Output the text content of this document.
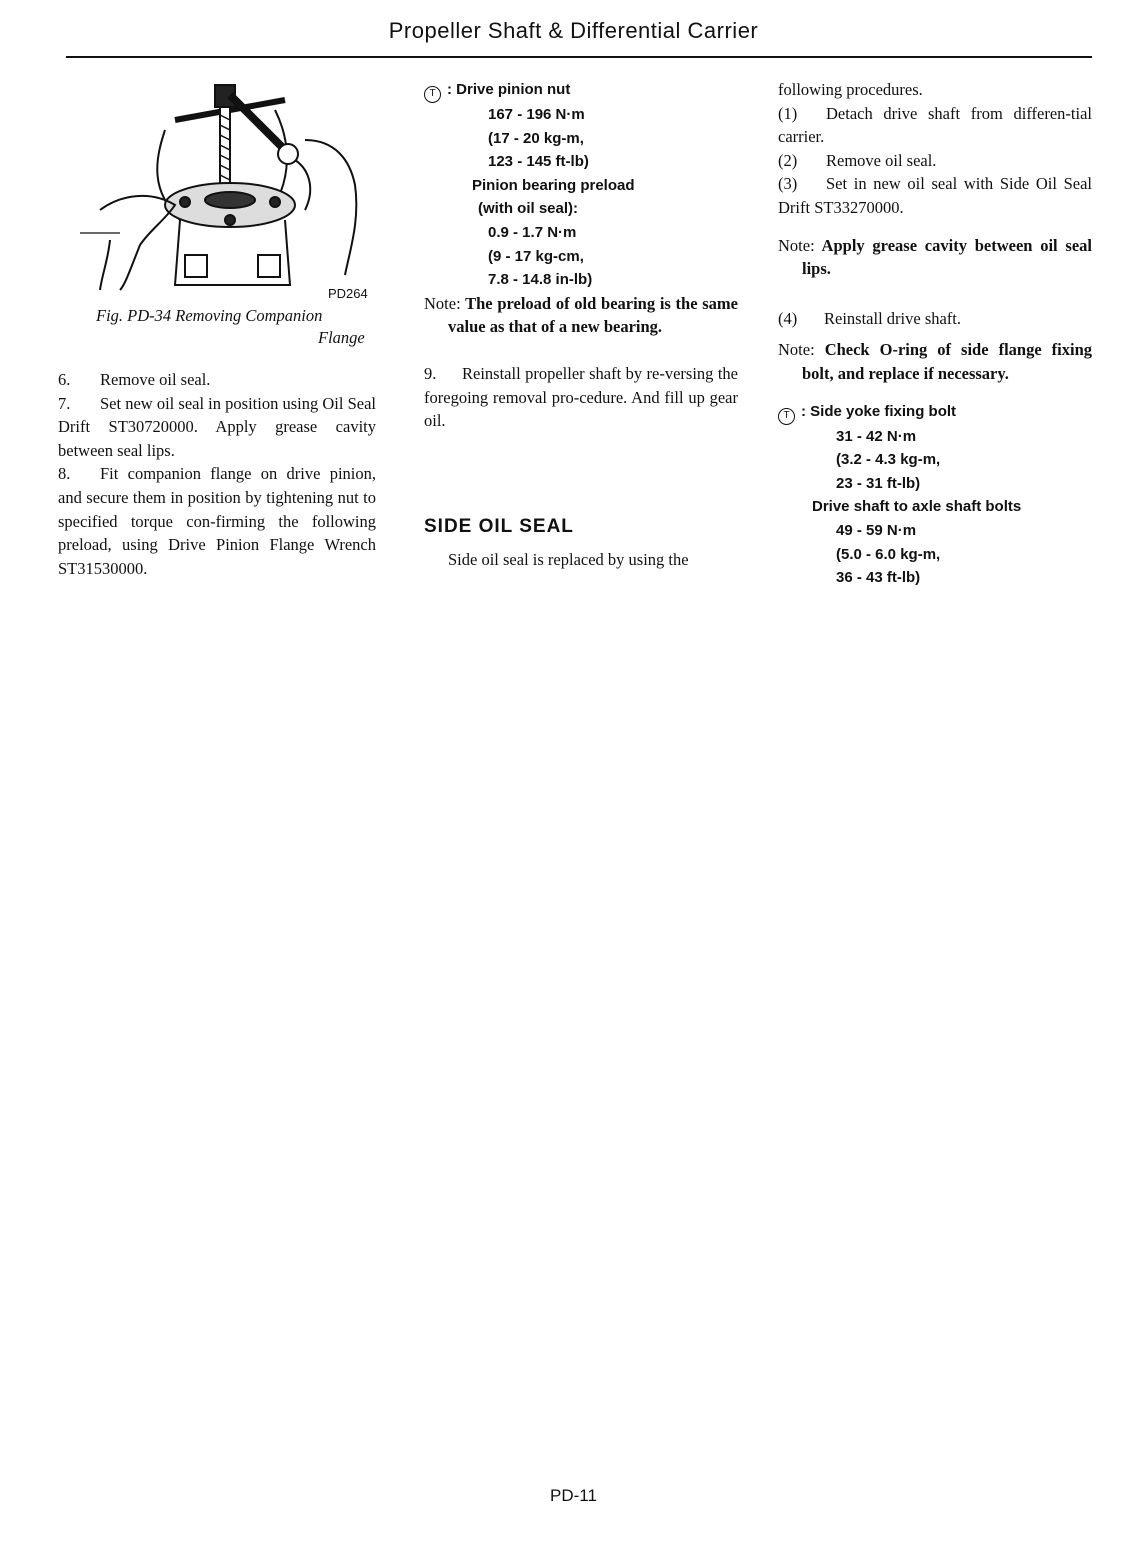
Propeller Shaft & Differential Carrier
PD264
Fig. PD-34 Removing Companion
Flange

6. Remove oil seal.

7. Set new oil seal in position using Oil Seal Drift ST30720000. Apply grease cavity between seal lips.

8. Fit companion flange on drive pinion, and secure them in position by tightening nut to specified torque con-firming the following preload, using Drive Pinion Flange Wrench ST31530000.

T : Drive pinion nut
167 - 196 N·m
(17 - 20 kg-m,
123 - 145 ft-lb)
Pinion bearing preload
(with oil seal):
0.9 - 1.7 N·m
(9 - 17 kg-cm,
7.8 - 14.8 in-lb)
Note: The preload of old bearing is the same value as that of a new bearing.

9. Reinstall propeller shaft by re-versing the foregoing removal pro-cedure. And fill up gear oil.

SIDE OIL SEAL

Side oil seal is replaced by using the

following procedures.

(1) Detach drive shaft from differen-tial carrier.

(2) Remove oil seal.

(3) Set in new oil seal with Side Oil Seal Drift ST33270000.

Note: Apply grease cavity between oil seal lips.

(4) Reinstall drive shaft.

Note: Check O-ring of side flange fixing bolt, and replace if necessary.
T : Side yoke fixing bolt
31 - 42 N·m
(3.2 - 4.3 kg-m,
23 - 31 ft-lb)
Drive shaft to axle shaft bolts
49 - 59 N·m
(5.0 - 6.0 kg-m,
36 - 43 ft-lb)
PD-11
